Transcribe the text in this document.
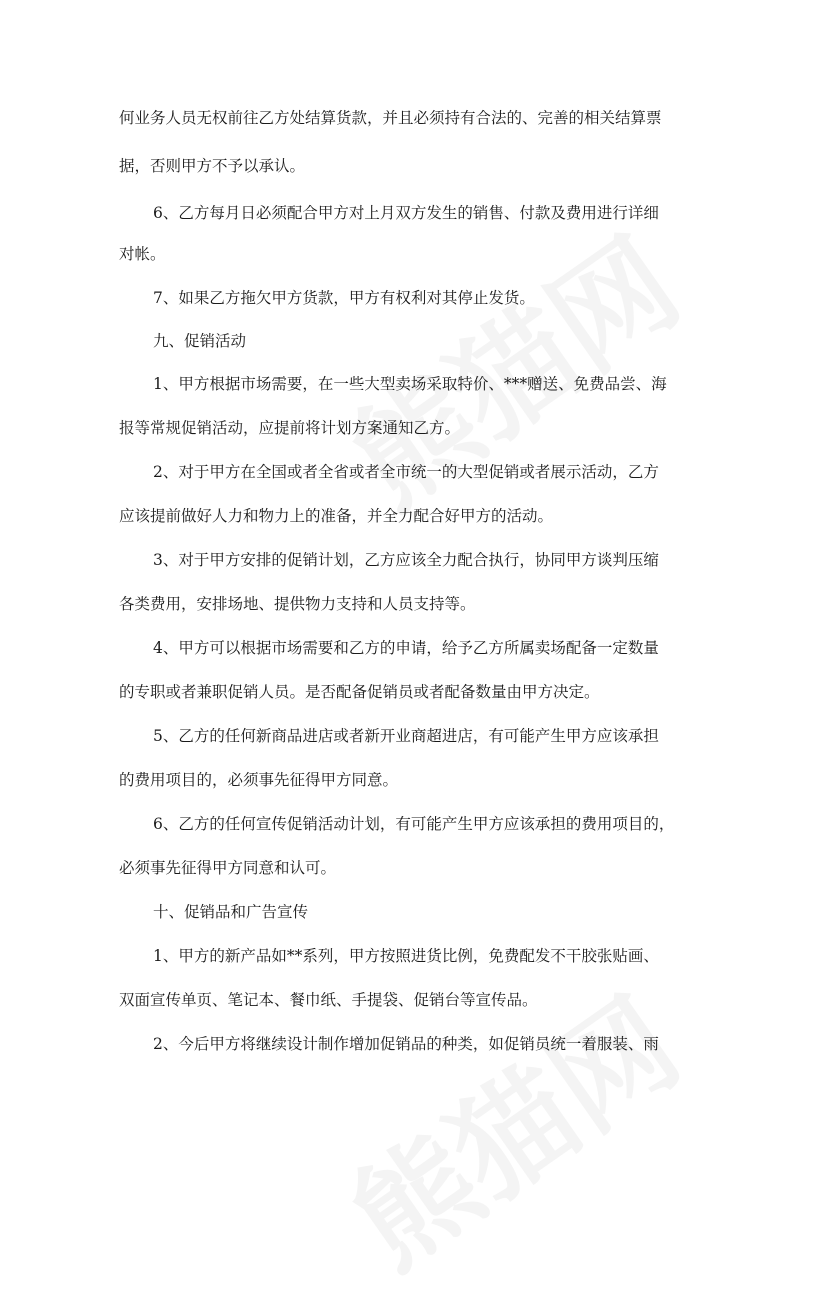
何业务人员无权前往乙方处结算货款，并且必须持有合法的、完善的相关结算票
据，否则甲方不予以承认。
6、乙方每月日必须配合甲方对上月双方发生的销售、付款及费用进行详细
对帐。
7、如果乙方拖欠甲方货款，甲方有权利对其停止发货。
九、促销活动
1、甲方根据市场需要，在一些大型卖场采取特价、***赠送、免费品尝、海
报等常规促销活动，应提前将计划方案通知乙方。
2、对于甲方在全国或者全省或者全市统一的大型促销或者展示活动，乙方
应该提前做好人力和物力上的准备，并全力配合好甲方的活动。
3、对于甲方安排的促销计划，乙方应该全力配合执行，协同甲方谈判压缩
各类费用，安排场地、提供物力支持和人员支持等。
4、甲方可以根据市场需要和乙方的申请，给予乙方所属卖场配备一定数量
的专职或者兼职促销人员。是否配备促销员或者配备数量由甲方决定。
5、乙方的任何新商品进店或者新开业商超进店，有可能产生甲方应该承担
的费用项目的，必须事先征得甲方同意。
6、乙方的任何宣传促销活动计划，有可能产生甲方应该承担的费用项目的，
必须事先征得甲方同意和认可。
十、促销品和广告宣传
1、甲方的新产品如**系列，甲方按照进货比例，免费配发不干胶张贴画、
双面宣传单页、笔记本、餐巾纸、手提袋、促销台等宣传品。
2、今后甲方将继续设计制作增加促销品的种类，如促销员统一着服装、雨
